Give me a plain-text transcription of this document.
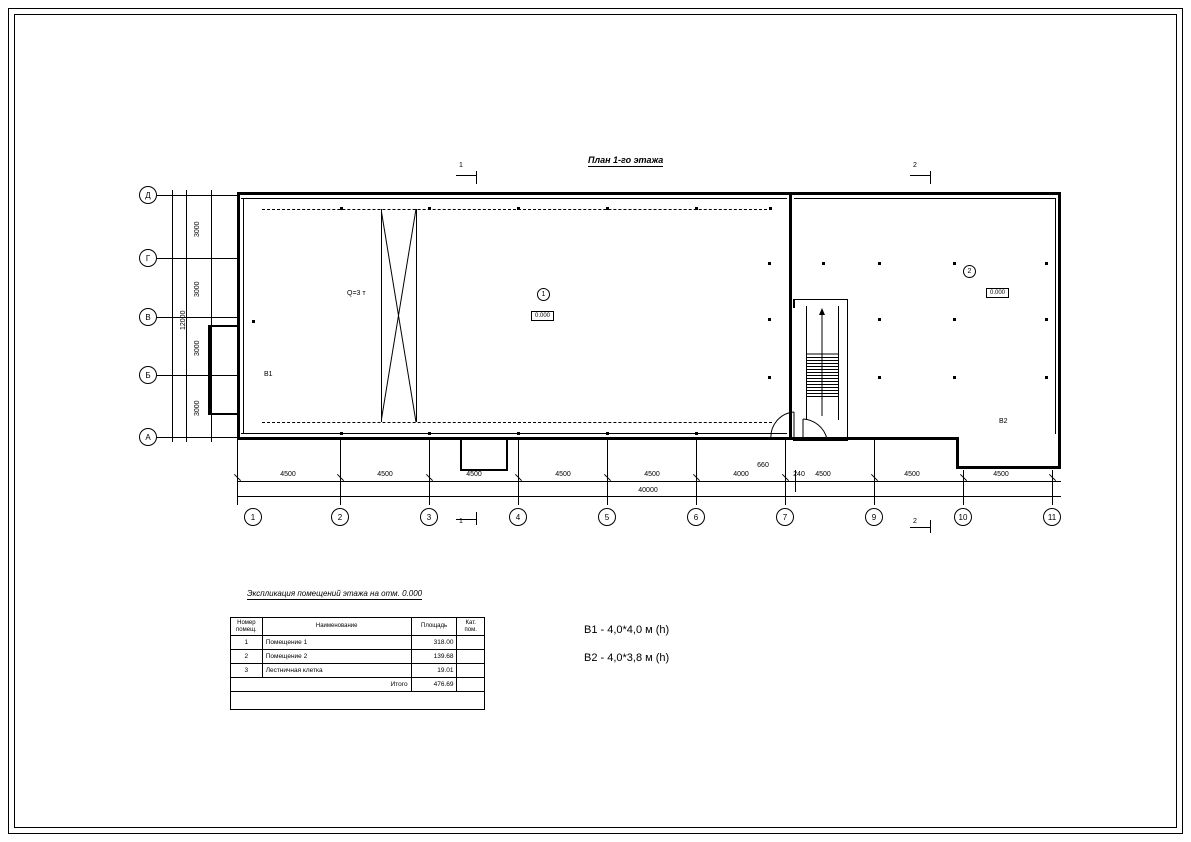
План 1-го этажа
1	2
Д
Г
В
Б
А
3000
3000
3000
3000
12000
Q=3 т	1
0.000
2
0.000
В1
В2
4500	4500	4500	4500	4500	4000
660
240	4500	4500	4500
40000
1	2	3	4	5	6	7	9	10	11
1	2
Экспликация помещений этажа на отм. 0.000
Номер помещ.	Наименование	Площадь	Кат. пом.
1	Помещение 1	318.00	
2	Помещение 2	139.68	
3	Лестничная клетка	19.01	
Итого		476.69	

В1 - 4,0*4,0 м (h)
В2 - 4,0*3,8 м (h)
